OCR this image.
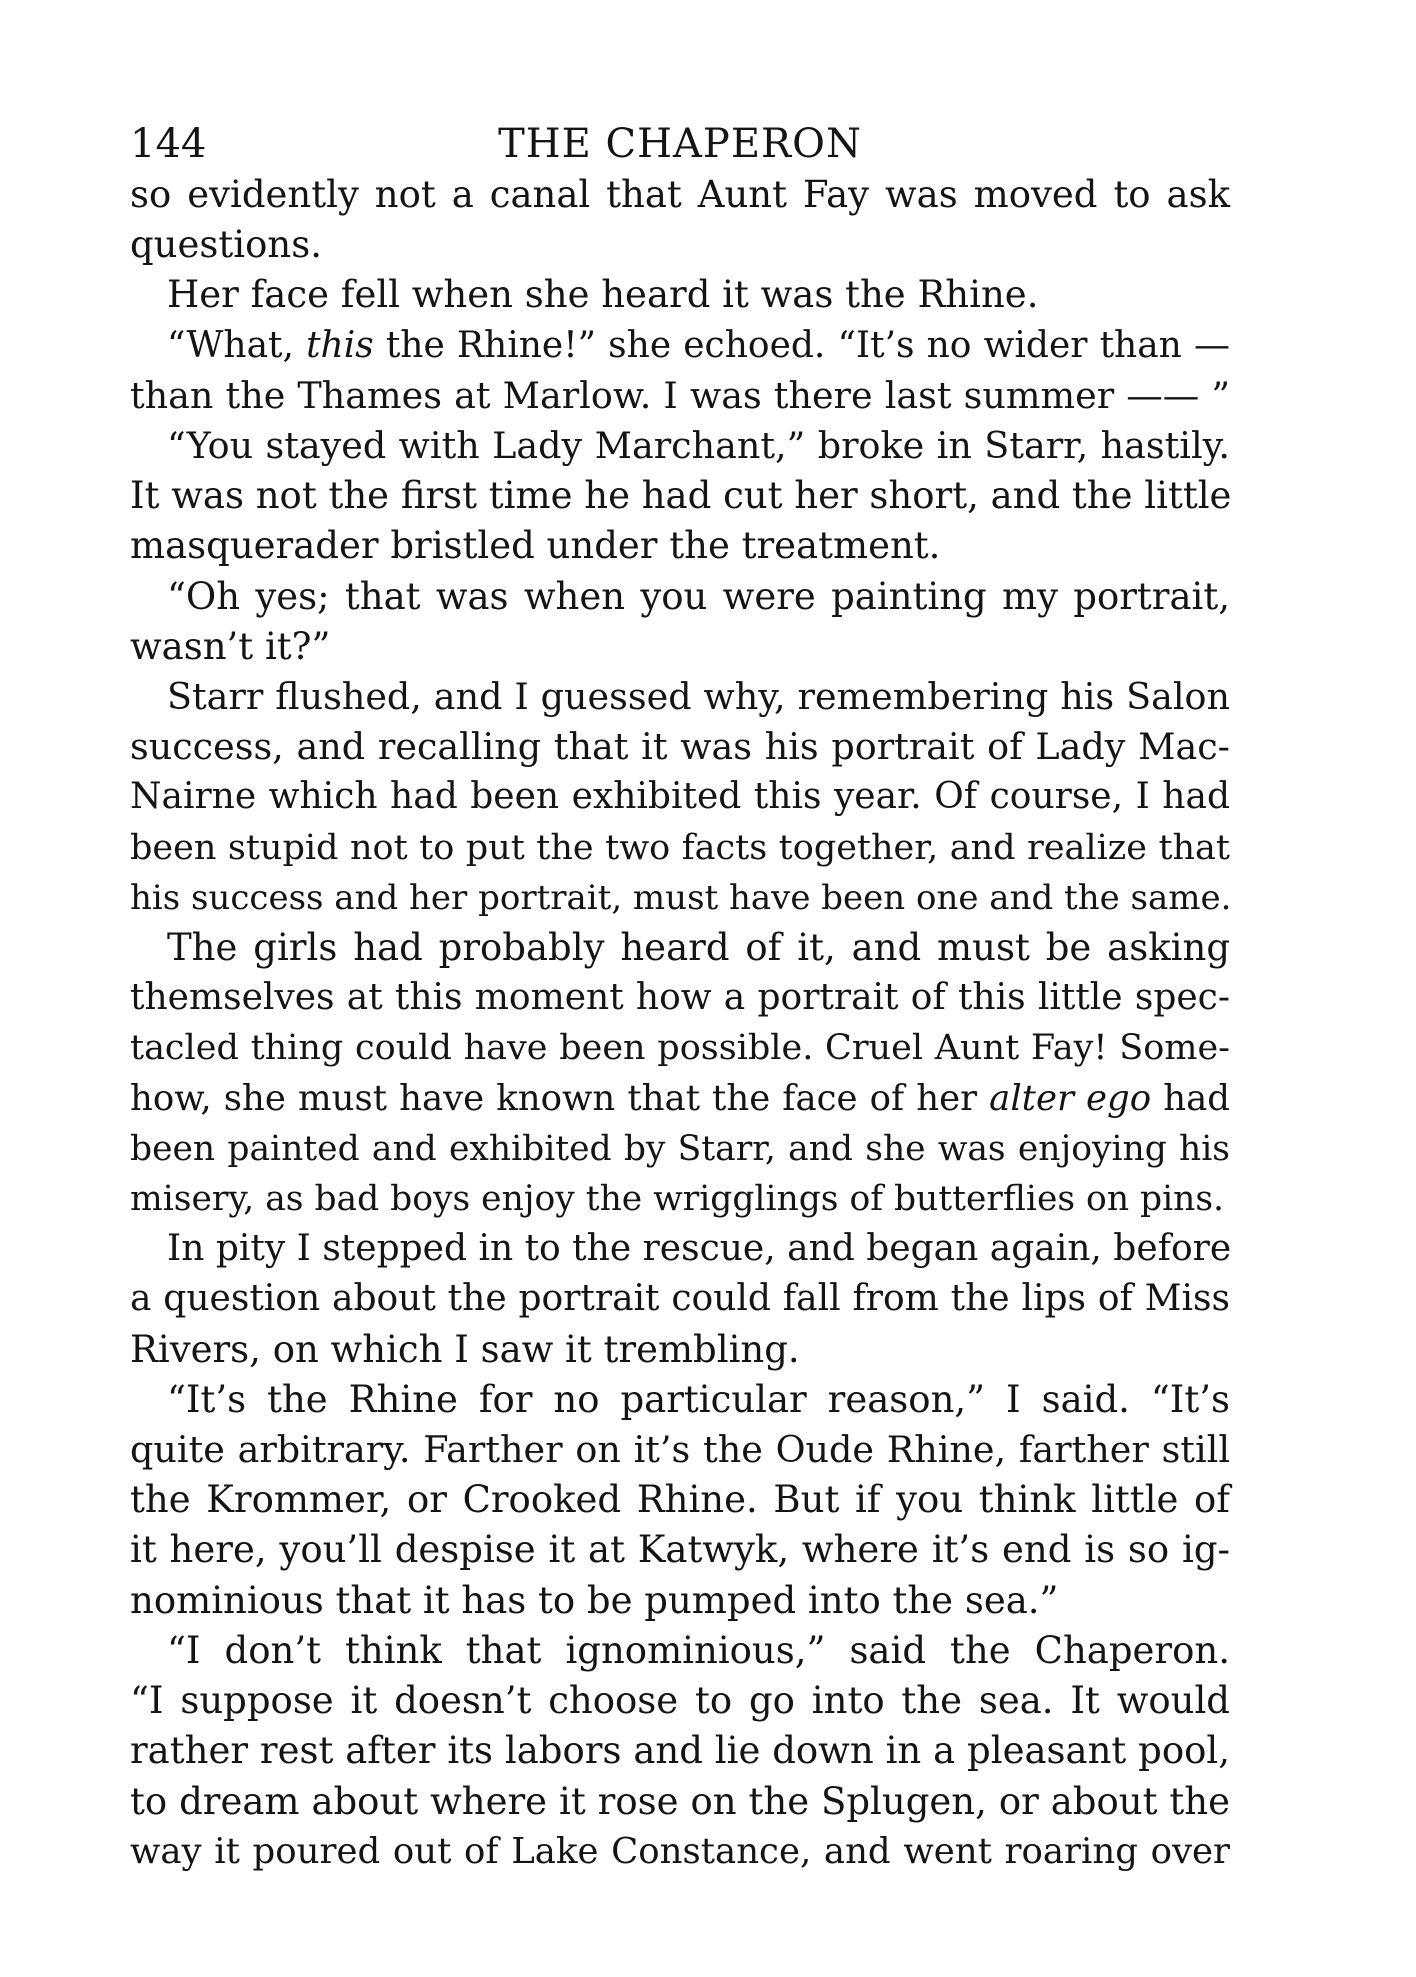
144	THE CHAPERON

so evidently not a canal that Aunt Fay was moved to ask
questions.

Her face fell when she heard it was the Rhine.

“What, this the Rhine!” she echoed. “It’s no wider than —
than the Thames at Marlow. I was there last summer —— ”

“You stayed with Lady Marchant,” broke in Starr, hastily.
It was not the first time he had cut her short, and the little
masquerader bristled under the treatment.

“Oh yes; that was when you were painting my portrait,
wasn’t it?”

Starr flushed, and I guessed why, remembering his Salon
success, and recalling that it was his portrait of Lady Mac-
Nairne which had been exhibited this year. Of course, I had
been stupid not to put the two facts together, and realize that
his success and her portrait, must have been one and the same.

The girls had probably heard of it, and must be asking
themselves at this moment how a portrait of this little spec-
tacled thing could have been possible. Cruel Aunt Fay! Some-
how, she must have known that the face of her alter ego had
been painted and exhibited by Starr, and she was enjoying his
misery, as bad boys enjoy the wrigglings of butterflies on pins.

In pity I stepped in to the rescue, and began again, before
a question about the portrait could fall from the lips of Miss
Rivers, on which I saw it trembling.

“It’s the Rhine for no particular reason,” I said. “It’s
quite arbitrary. Farther on it’s the Oude Rhine, farther still
the Krommer, or Crooked Rhine. But if you think little of
it here, you’ll despise it at Katwyk, where it’s end is so ig-
nominious that it has to be pumped into the sea.”

“I don’t think that ignominious,” said the Chaperon.
“I suppose it doesn’t choose to go into the sea. It would
rather rest after its labors and lie down in a pleasant pool,
to dream about where it rose on the Splugen, or about the
way it poured out of Lake Constance, and went roaring over
